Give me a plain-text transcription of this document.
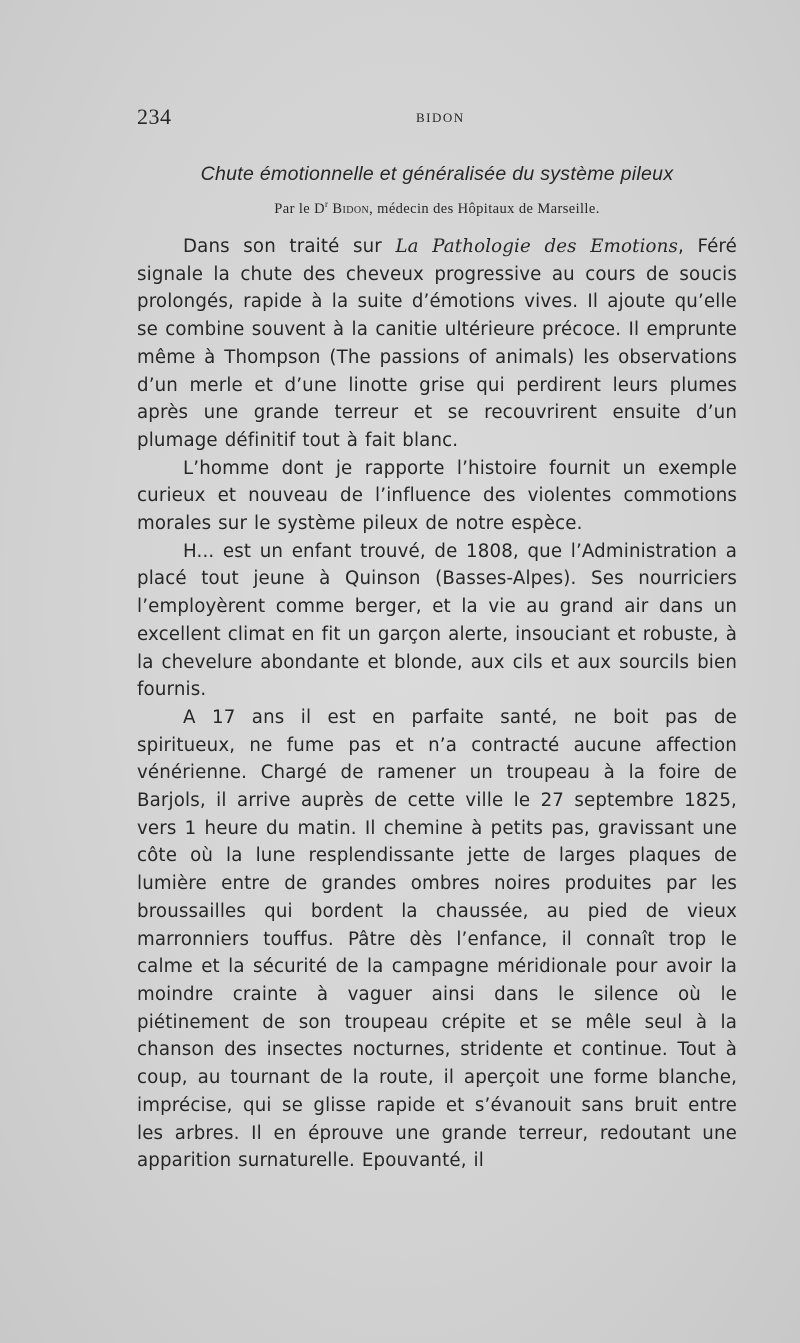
234	BIDON
Chute émotionnelle et généralisée du système pileux
Par le $D^r$ Bidon, médecin des Hôpitaux de Marseille.

Dans son traité sur La Pathologie des Emotions, Féré signale la chute des cheveux progressive au cours de soucis prolongés, rapide à la suite d’émotions vives. Il ajoute qu’elle se combine souvent à la canitie ultérieure précoce. Il emprunte même à Thompson (The passions of animals) les observations d’un merle et d’une linotte grise qui perdirent leurs plumes après une grande terreur et se recouvrirent ensuite d’un plumage définitif tout à fait blanc.

L’homme dont je rapporte l’histoire fournit un exemple curieux et nouveau de l’influence des violentes commotions morales sur le système pileux de notre espèce.

H... est un enfant trouvé, de 1808, que l’Administration a placé tout jeune à Quinson (Basses-Alpes). Ses nourriciers l’employèrent comme berger, et la vie au grand air dans un excellent climat en fit un garçon alerte, insouciant et robuste, à la chevelure abondante et blonde, aux cils et aux sourcils bien fournis.

A 17 ans il est en parfaite santé, ne boit pas de spiritueux, ne fume pas et n’a contracté aucune affection vénérienne. Chargé de ramener un troupeau à la foire de Barjols, il arrive auprès de cette ville le 27 septembre 1825, vers 1 heure du matin. Il chemine à petits pas, gravissant une côte où la lune resplendissante jette de larges plaques de lumière entre de grandes ombres noires produites par les broussailles qui bordent la chaussée, au pied de vieux marronniers touffus. Pâtre dès l’enfance, il connaît trop le calme et la sécurité de la campagne méridionale pour avoir la moindre crainte à vaguer ainsi dans le silence où le piétinement de son troupeau crépite et se mêle seul à la chanson des insectes nocturnes, stridente et continue. Tout à coup, au tournant de la route, il aperçoit une forme blanche, imprécise, qui se glisse rapide et s’évanouit sans bruit entre les arbres. Il en éprouve une grande terreur, redoutant une apparition surnaturelle. Epouvanté, il
